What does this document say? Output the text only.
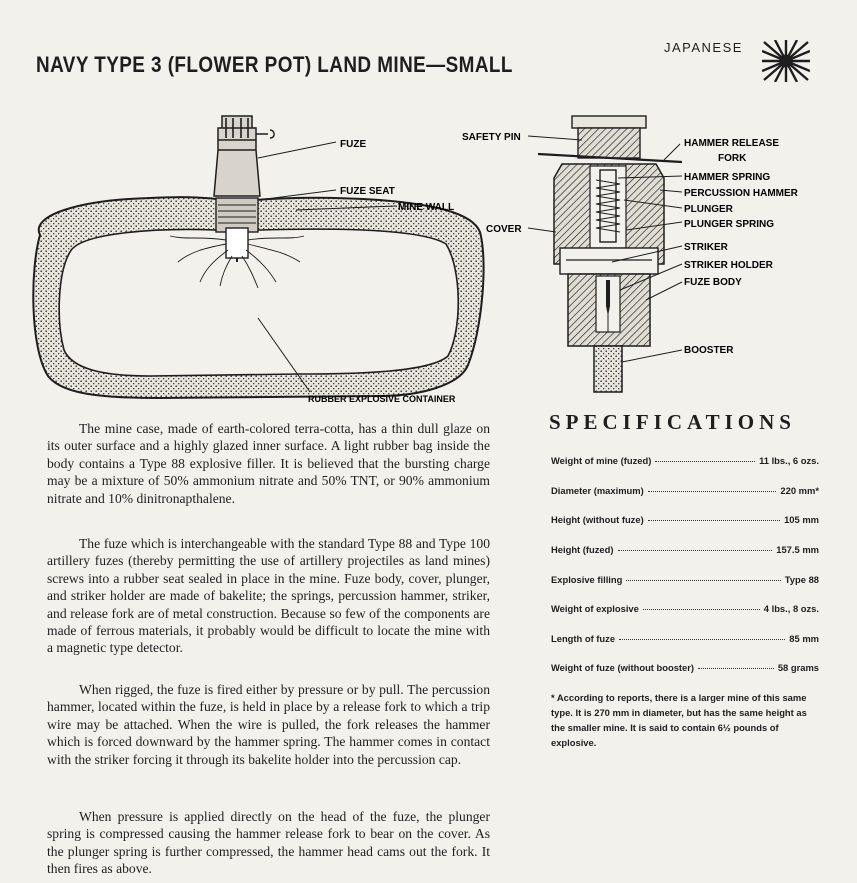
NAVY TYPE 3 (FLOWER POT) LAND MINE—SMALL
JAPANESE
FUZE
FUZE SEAT
MINE WALL
RUBBER EXPLOSIVE CONTAINER
SAFETY PIN
COVER
HAMMER RELEASE
FORK
HAMMER SPRING
PERCUSSION HAMMER
PLUNGER
PLUNGER SPRING
STRIKER
STRIKER HOLDER
FUZE BODY
BOOSTER

The mine case, made of earth-colored terra-cotta, has a thin dull glaze on its outer surface and a highly glazed inner surface. A light rubber bag inside the body contains a Type 88 explosive filler. It is believed that the bursting charge may be a mixture of 50% ammonium nitrate and 50% TNT, or 90% ammonium nitrate and 10% dinitronapthalene.

The fuze which is interchangeable with the standard Type 88 and Type 100 artillery fuzes (thereby permitting the use of artillery projectiles as land mines) screws into a rubber seat sealed in place in the mine. Fuze body, cover, plunger, and striker holder are made of bakelite; the springs, percussion hammer, striker, and release fork are of metal construction. Because so few of the components are made of ferrous materials, it probably would be difficult to locate the mine with a magnetic type detector.

When rigged, the fuze is fired either by pressure or by pull. The percussion hammer, located within the fuze, is held in place by a release fork to which a trip wire may be attached. When the wire is pulled, the fork releases the hammer which is forced downward by the hammer spring. The hammer comes in contact with the striker forcing it through its bakelite holder into the percussion cap.

When pressure is applied directly on the head of the fuze, the plunger spring is compressed causing the hammer release fork to bear on the cover. As the plunger spring is further compressed, the hammer head cams out the fork. It then fires as above.

SPECIFICATIONS
Weight of mine (fuzed)	11 lbs., 6 ozs.
Diameter (maximum)	220 mm*
Height (without fuze)	105 mm
Height (fuzed)	157.5 mm
Explosive filling	Type 88
Weight of explosive	4 lbs., 8 ozs.
Length of fuze	85 mm
Weight of fuze (without booster)	58 grams

* According to reports, there is a larger mine of this same type. It is 270 mm in diameter, but has the same height as the smaller mine. It is said to contain 6½ pounds of explosive.
